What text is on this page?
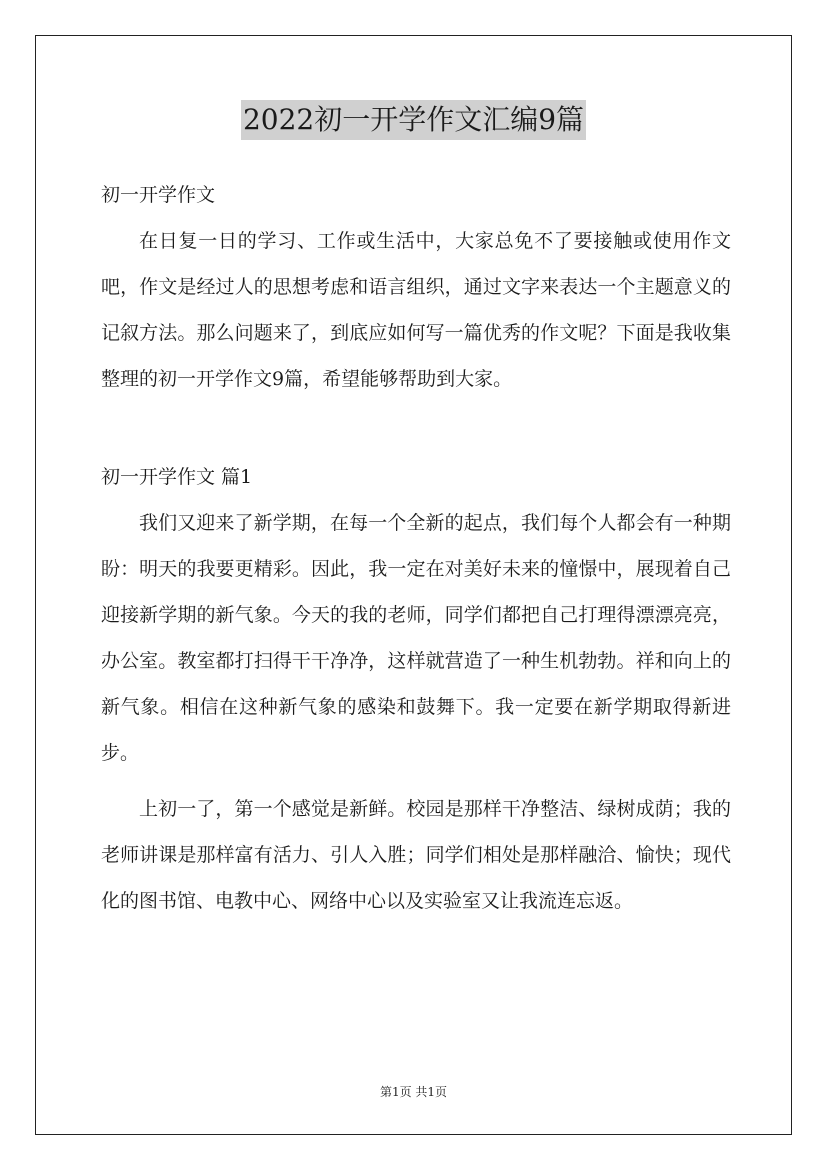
2022初一开学作文汇编9篇

初一开学作文

在日复一日的学习、工作或生活中，大家总免不了要接触或使用作文吧，作文是经过人的思想考虑和语言组织，通过文字来表达一个主题意义的记叙方法。那么问题来了，到底应如何写一篇优秀的作文呢？下面是我收集整理的初一开学作文9篇，希望能够帮助到大家。

初一开学作文 篇1

我们又迎来了新学期，在每一个全新的起点，我们每个人都会有一种期盼：明天的我要更精彩。因此，我一定在对美好未来的憧憬中，展现着自己迎接新学期的新气象。今天的我的老师，同学们都把自己打理得漂漂亮亮，办公室。教室都打扫得干干净净，这样就营造了一种生机勃勃。祥和向上的新气象。相信在这种新气象的感染和鼓舞下。我一定要在新学期取得新进步。

上初一了，第一个感觉是新鲜。校园是那样干净整洁、绿树成荫；我的老师讲课是那样富有活力、引人入胜；同学们相处是那样融洽、愉快；现代化的图书馆、电教中心、网络中心以及实验室又让我流连忘返。

第1页 共1页
